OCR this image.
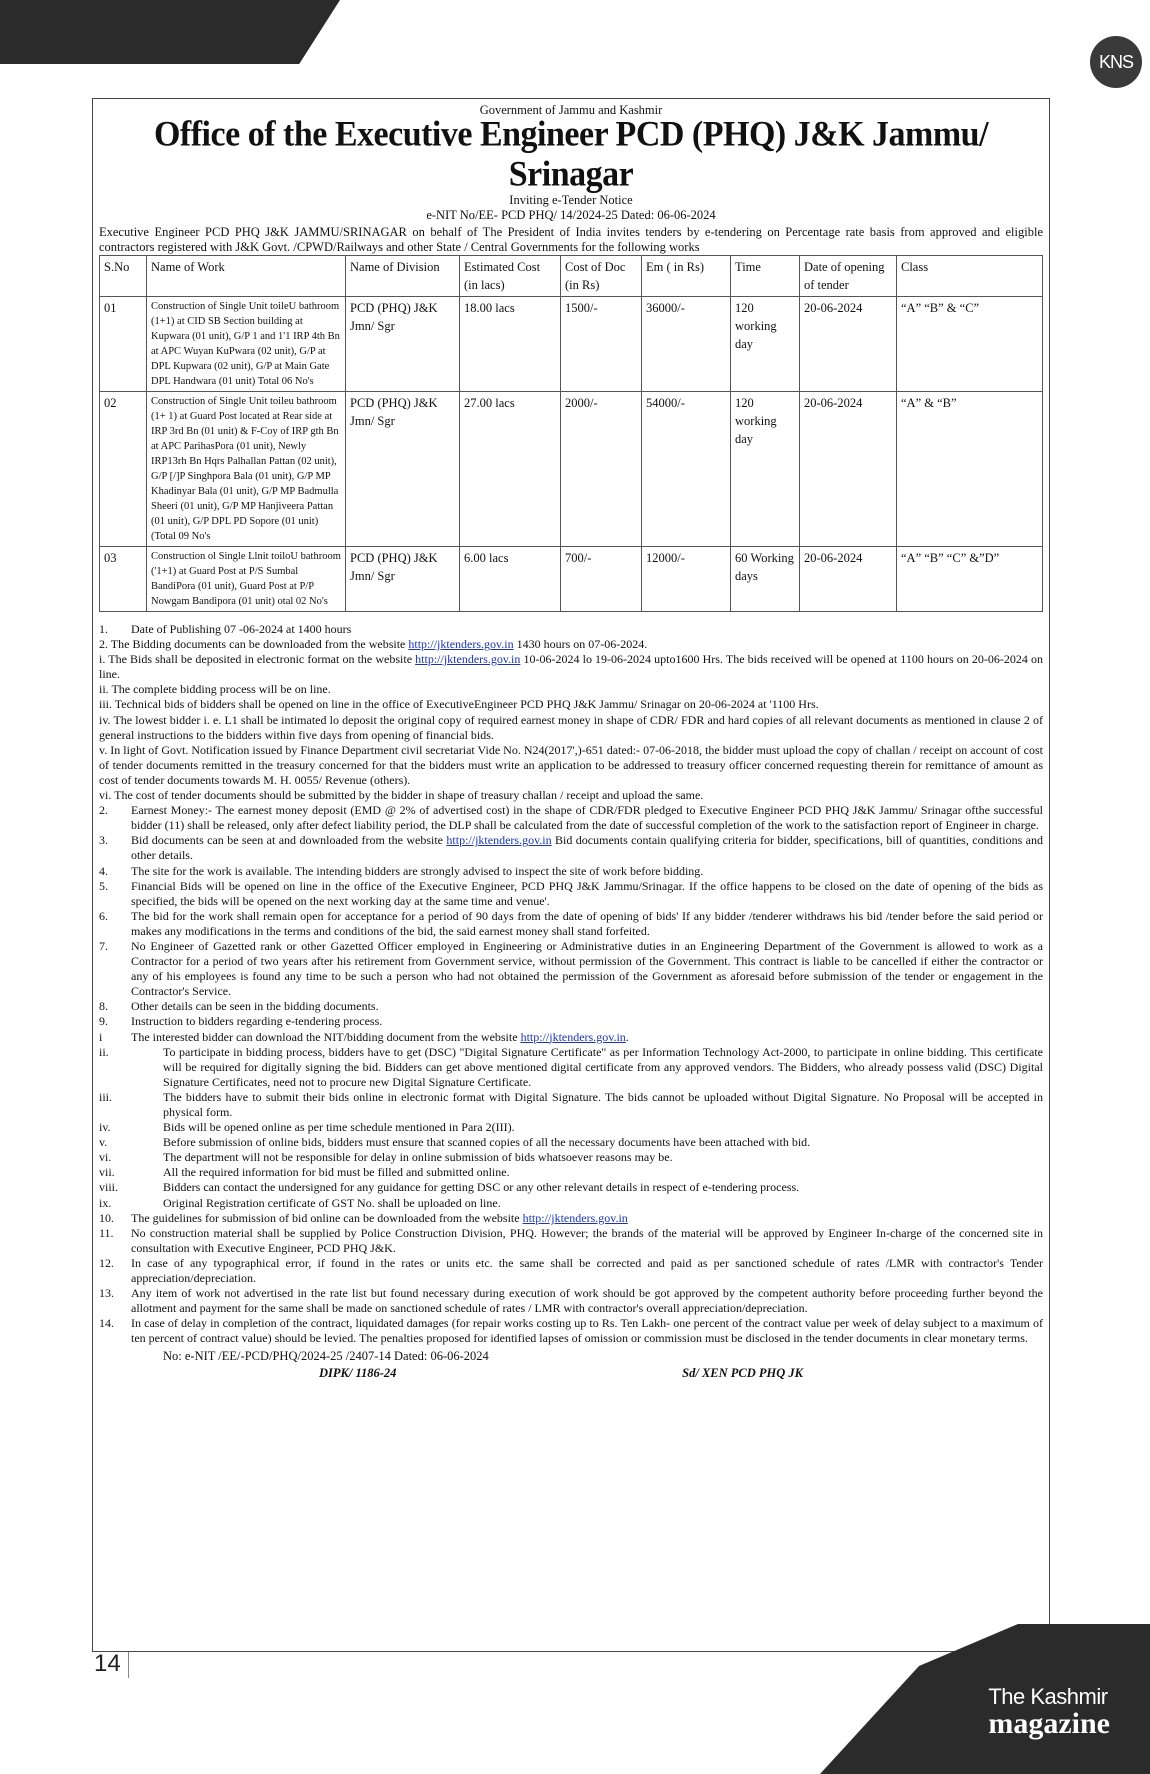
KNS
Government of Jammu and Kashmir
Office of the Executive Engineer PCD (PHQ) J&K Jammu/ Srinagar
Inviting e-Tender Notice
e-NIT No/EE- PCD PHQ/ 14/2024-25 Dated: 06-06-2024
Executive Engineer PCD PHQ J&K JAMMU/SRINAGAR on behalf of The President of India invites tenders by e-tendering on Percentage rate basis from approved and eligible contractors registered with J&K Govt. /CPWD/Railways and other State / Central Governments for the following works
S.No	Name of Work	Name of Division	Estimated Cost (in lacs)	Cost of Doc (in Rs)	Em ( in Rs)	Time	Date of opening of tender	Class
01	Construction of Single Unit toileU bathroom (1+1) at CID SB Section building at Kupwara (01 unit), G/P 1 and 1'1 IRP 4th Bn at APC Wuyan KuPwara (02 unit), G/P at DPL Kupwara (02 unit), G/P at Main Gate DPL Handwara (01 unit) Total 06 No's	PCD (PHQ) J&K Jmn/ Sgr	18.00 lacs	1500/-	36000/-	120 working day	20-06-2024	“A” “B” & “C”
02	Construction of Single Unit toileu bathroom (1+ 1) at Guard Post located at Rear side at IRP 3rd Bn (01 unit) & F-Coy of IRP gth Bn at APC ParihasPora (01 unit), Newly IRP13rh Bn Hqrs Palhallan Pattan (02 unit), G/P [/]P Singhpora Bala (01 unit), G/P MP Khadinyar Bala (01 unit), G/P MP Badmulla Sheeri (01 unit), G/P MP Hanjiveera Pattan (01 unit), G/P DPL PD Sopore (01 unit) (Total 09 No's	PCD (PHQ) J&K Jmn/ Sgr	27.00 lacs	2000/-	54000/-	120 working day	20-06-2024	“A” & “B”
03	Construction ol Single Llnit toiloU bathroom ('1+1) at Guard Post at P/S Sumbal BandiPora (01 unit), Guard Post at P/P Nowgam Bandipora (01 unit) otal 02 No's	PCD (PHQ) J&K Jmn/ Sgr	6.00 lacs	700/-	12000/-	60 Working days	20-06-2024	“A” “B” “C” &”D”
1.	Date of Publishing 07 -06-2024 at 1400 hours
2. The Bidding documents can be downloaded from the website http://jktenders.gov.in 1430 hours on 07-06-2024.
i. The Bids shall be deposited in electronic format on the website http://jktenders.gov.in 10-06-2024 lo 19-06-2024 upto1600 Hrs. The bids received will be opened at 1100 hours on 20-06-2024 on line.
ii. The complete bidding process will be on line.
iii. Technical bids of bidders shall be opened on line in the office of ExecutiveEngineer PCD PHQ J&K Jammu/ Srinagar on 20-06-2024 at '1100 Hrs.
iv. The lowest bidder i. e. L1 shall be intimated lo deposit the original copy of required earnest money in shape of CDR/ FDR and hard copies of all relevant documents as mentioned in clause 2 of general instructions to the bidders within five days from opening of financial bids.
v. In light of Govt. Notification issued by Finance Department civil secretariat Vide No. N24(2017',)-651 dated:- 07-06-2018, the bidder must upload the copy of challan / receipt on account of cost of tender documents remitted in the treasury concerned for that the bidders must write an application to be addressed to treasury officer concerned requesting therein for remittance of amount as cost of tender documents towards M. H. 0055/ Revenue (others).
vi. The cost of tender documents should be submitted by the bidder in shape of treasury challan / receipt and upload the same.
2.	Earnest Money:- The earnest money deposit (EMD @ 2% of advertised cost) in the shape of CDR/FDR pledged to Executive Engineer PCD PHQ J&K Jammu/ Srinagar ofthe successful bidder (11) shall be released, only after defect liability period, the DLP shall be calculated from the date of successful completion of the work to the satisfaction report of Engineer in charge.
3.	Bid documents can be seen at and downloaded from the website http://jktenders.gov.in Bid documents contain qualifying criteria for bidder, specifications, bill of quantities, conditions and other details.
4.	The site for the work is available. The intending bidders are strongly advised to inspect the site of work before bidding.
5.	Financial Bids will be opened on line in the office of the Executive Engineer, PCD PHQ J&K Jammu/Srinagar. If the office happens to be closed on the date of opening of the bids as specified, the bids will be opened on the next working day at the same time and venue'.
6.	The bid for the work shall remain open for acceptance for a period of 90 days from the date of opening of bids' If any bidder /tenderer withdraws his bid /tender before the said period or makes any modifications in the terms and conditions of the bid, the said earnest money shall stand forfeited.
7.	No Engineer of Gazetted rank or other Gazetted Officer employed in Engineering or Administrative duties in an Engineering Department of the Government is allowed to work as a Contractor for a period of two years after his retirement from Government service, without permission of the Government. This contract is liable to be cancelled if either the contractor or any of his employees is found any time to be such a person who had not obtained the permission of the Government as aforesaid before submission of the tender or engagement in the Contractor's Service.
8.	Other details can be seen in the bidding documents.
9.	Instruction to bidders regarding e-tendering process.
i	The interested bidder can download the NIT/bidding document from the website http://jktenders.gov.in.
ii.	To participate in bidding process, bidders have to get (DSC) "Digital Signature Certificate" as per Information Technology Act-2000, to participate in online bidding. This certificate will be required for digitally signing the bid. Bidders can get above mentioned digital certificate from any approved vendors. The Bidders, who already possess valid (DSC) Digital Signature Certificates, need not to procure new Digital Signature Certificate.
iii.	The bidders have to submit their bids online in electronic format with Digital Signature. The bids cannot be uploaded without Digital Signature. No Proposal will be accepted in physical form.
iv.	Bids will be opened online as per time schedule mentioned in Para 2(III).
v.	Before submission of online bids, bidders must ensure that scanned copies of all the necessary documents have been attached with bid.
vi.	The department will not be responsible for delay in online submission of bids whatsoever reasons may be.
vii.	All the required information for bid must be filled and submitted online.
viii.	Bidders can contact the undersigned for any guidance for getting DSC or any other relevant details in respect of e-tendering process.
ix.	Original Registration certificate of GST No. shall be uploaded on line.
10.	The guidelines for submission of bid online can be downloaded from the website http://jktenders.gov.in
11.	No construction material shall be supplied by Police Construction Division, PHQ. However; the brands of the material will be approved by Engineer In-charge of the concerned site in consultation with Executive Engineer, PCD PHQ J&K.
12.	In case of any typographical error, if found in the rates or units etc. the same shall be corrected and paid as per sanctioned schedule of rates /LMR with contractor's Tender appreciation/depreciation.
13.	Any item of work not advertised in the rate list but found necessary during execution of work should be got approved by the competent authority before proceeding further beyond the allotment and payment for the same shall be made on sanctioned schedule of rates / LMR with contractor's overall appreciation/depreciation.
14.	In case of delay in completion of the contract, liquidated damages (for repair works costing up to Rs. Ten Lakh- one percent of the contract value per week of delay subject to a maximum of ten percent of contract value) should be levied. The penalties proposed for identified lapses of omission or commission must be disclosed in the tender documents in clear monetary terms.
No: e-NIT /EE/-PCD/PHQ/2024-25 /2407-14 Dated: 06-06-2024
DIPK/ 1186-24	Sd/ XEN PCD PHQ JK
14
The Kashmir
magazine
